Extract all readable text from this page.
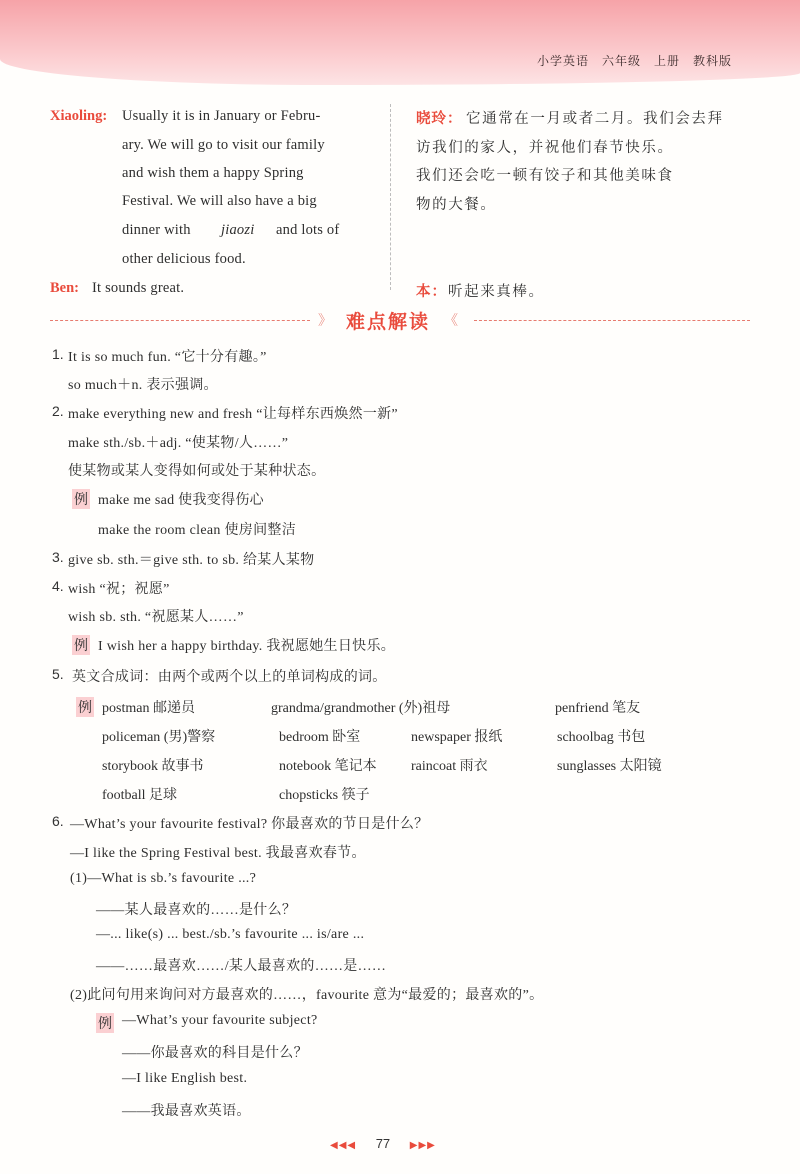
小学英语　六年级　上册　教科版
Xiaoling: Usually it is in January or Febru-
ary. We will go to visit our family
and wish them a happy Spring
Festival. We will also have a big
dinner with jiaozi and lots of
other delicious food.
Ben: It sounds great.
晓玲： 它通常在一月或者二月。我们会去拜
访我们的家人，并祝他们春节快乐。
我们还会吃一顿有饺子和其他美味食
物的大餐。
本： 听起来真棒。
》 难点解读 《
1. It is so much fun. “它十分有趣。”
so much＋n. 表示强调。
2. make everything new and fresh “让每样东西焕然一新”
make sth./sb.＋adj. “使某物/人……”
使某物或某人变得如何或处于某种状态。
例 make me sad 使我变得伤心
make the room clean 使房间整洁
3. give sb. sth.＝give sth. to sb. 给某人某物
4. wish “祝；祝愿”
wish sb. sth. “祝愿某人……”
例 I wish her a happy birthday. 我祝愿她生日快乐。
5. 英文合成词：由两个或两个以上的单词构成的词。
例 postman 邮递员	grandma/grandmother (外)祖母	penfriend 笔友
policeman (男)警察	bedroom 卧室	newspaper 报纸	schoolbag 书包
storybook 故事书	notebook 笔记本 raincoat 雨衣	sunglasses 太阳镜
football 足球	chopsticks 筷子
6. —What’s your favourite festival? 你最喜欢的节日是什么？
—I like the Spring Festival best. 我最喜欢春节。
(1)—What is sb.’s favourite ...?
——某人最喜欢的……是什么？
—... like(s) ... best./sb.’s favourite ... is/are ...
——……最喜欢……/某人最喜欢的……是……
(2)此问句用来询问对方最喜欢的……，favourite 意为“最爱的；最喜欢的”。
例 —What’s your favourite subject?
——你最喜欢的科目是什么？
—I like English best.
——我最喜欢英语。
◀◀◀ 77 ▶▶▶
